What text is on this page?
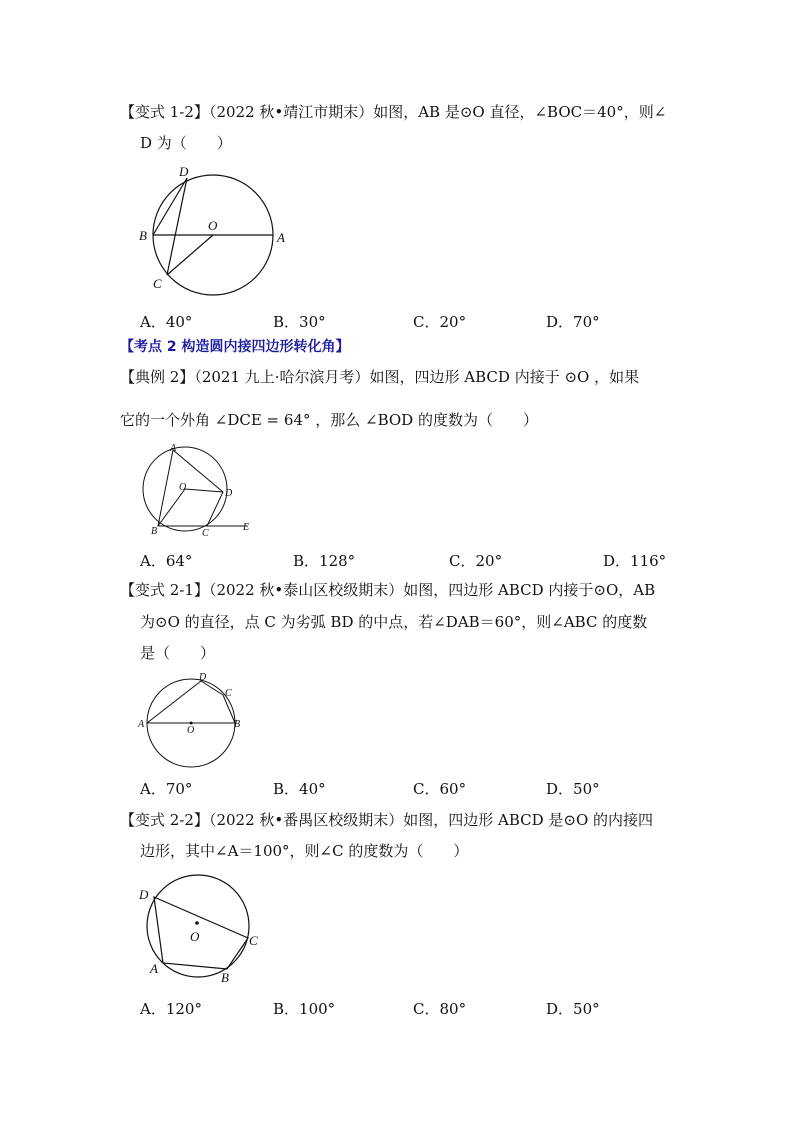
【变式 1-2】（2022 秋•靖江市期末）如图，AB 是⊙O 直径，∠BOC＝40°，则∠
D 为（　　）
D
B
O
A
C
A．40°	B．30°	C．20°	D．70°
【考点 2 构造圆内接四边形转化角】
【典例 2】（2021 九上·哈尔滨月考）如图，四边形 ABCD 内接于 ⊙O ，如果
它的一个外角 ∠DCE = 64° ，那么 ∠BOD 的度数为（　　）
A
O
D
B	C
E
A．64°	B．128°	C．20°	D．116°
【变式 2-1】（2022 秋•泰山区校级期末）如图，四边形 ABCD 内接于⊙O，AB
为⊙O 的直径，点 C 为劣弧 BD 的中点，若∠DAB＝60°，则∠ABC 的度数
是（　　）
D
C
A
O
B
A．70°	B．40°	C．60°	D．50°
【变式 2-2】（2022 秋•番禺区校级期末）如图，四边形 ABCD 是⊙O 的内接四
边形，其中∠A＝100°，则∠C 的度数为（　　）
D
O	C
A
B
A．120°	B．100°	C．80°	D．50°
